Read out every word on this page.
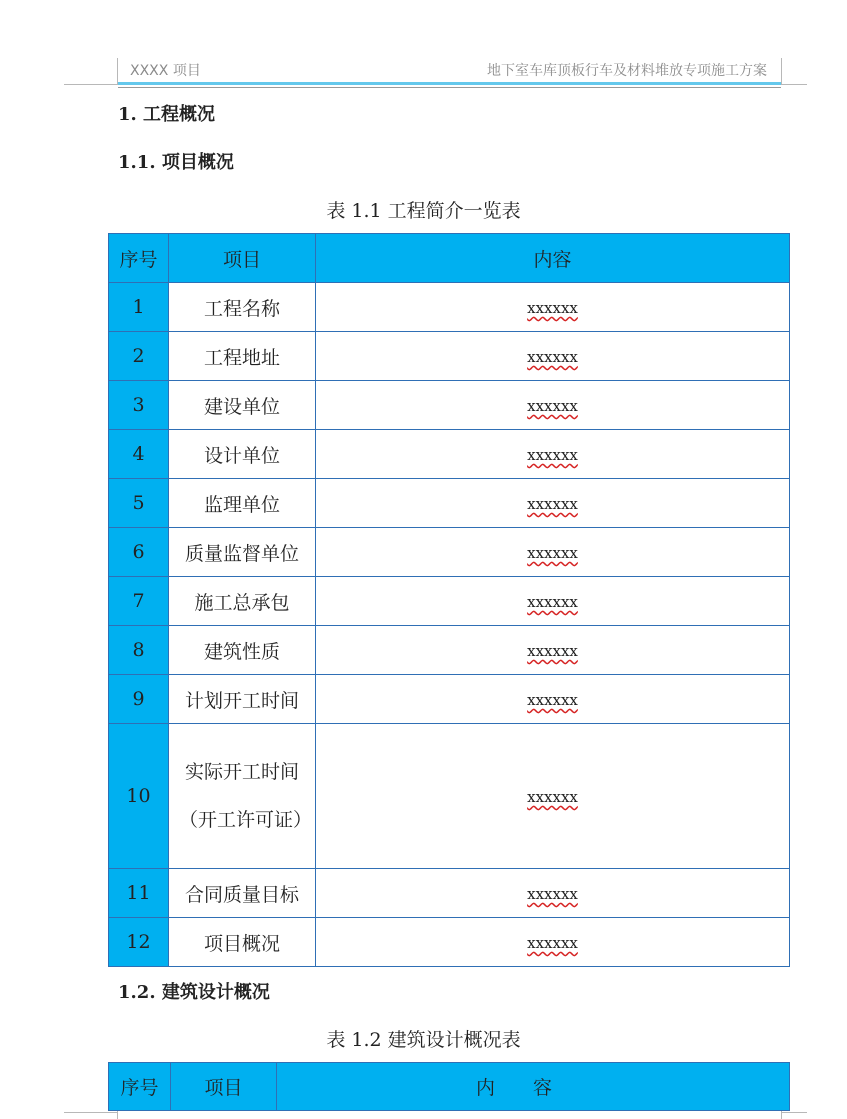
XXXX 项目	地下室车库顶板行车及材料堆放专项施工方案
1. 工程概况
1.1. 项目概况
表 1.1 工程简介一览表
序号	项目	内容
1	工程名称	xxxxxx
2	工程地址	xxxxxx
3	建设单位	xxxxxx
4	设计单位	xxxxxx
5	监理单位	xxxxxx
6	质量监督单位	xxxxxx
7	施工总承包	xxxxxx
8	建筑性质	xxxxxx
9	计划开工时间	xxxxxx
10	实际开工时间（开工许可证）	xxxxxx
11	合同质量目标	xxxxxx
12	项目概况	xxxxxx
1.2. 建筑设计概况
表 1.2 建筑设计概况表
序号	项目	内容
